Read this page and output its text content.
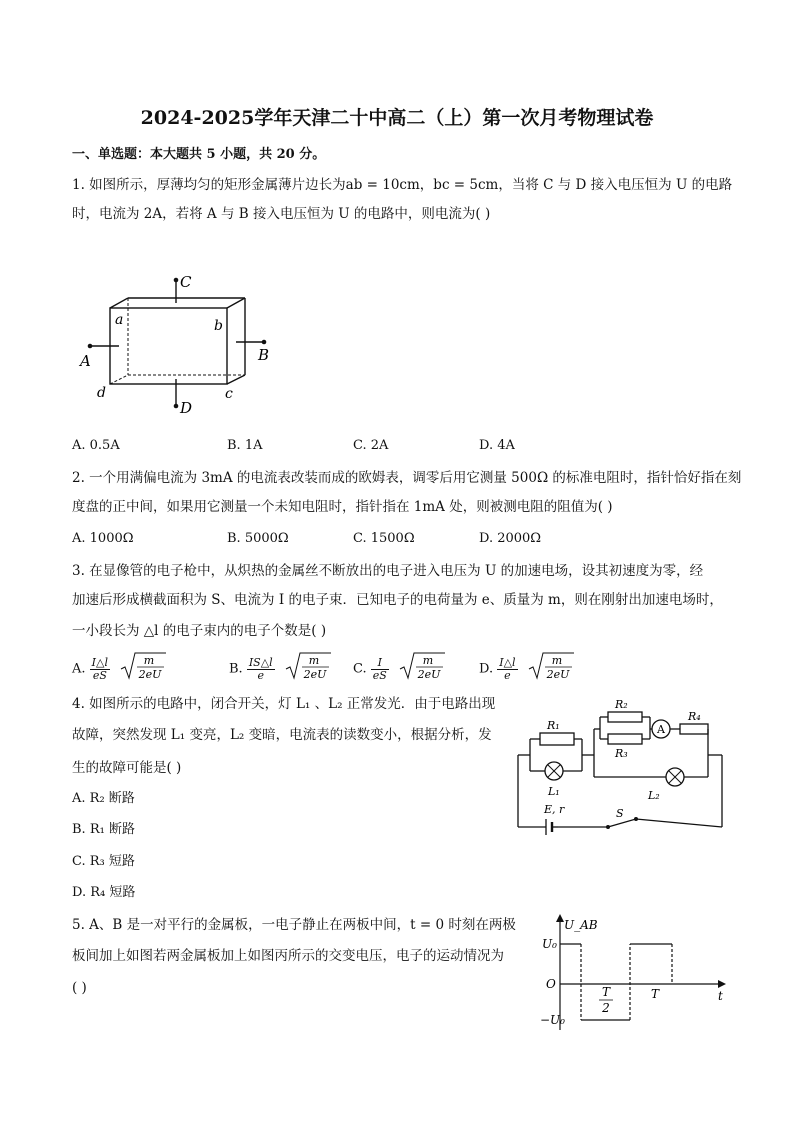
2024-2025学年天津二十中高二（上）第一次月考物理试卷
一、单选题：本大题共 5 小题，共 20 分。
1. 如图所示，厚薄均匀的矩形金属薄片边长为ab = 10cm，bc = 5cm，当将 C 与 D 接入电压恒为 U 的电路
时，电流为 2A，若将 A 与 B 接入电压恒为 U 的电路中，则电流为( )
C
D
A	B
a	b
c
d
A. 0.5A	B. 1A	C. 2A	D. 4A
2. 一个用满偏电流为 3mA 的电流表改装而成的欧姆表，调零后用它测量 500Ω 的标准电阻时，指针恰好指在刻
度盘的正中间，如果用它测量一个未知电阻时，指针指在 1mA 处，则被测电阻的阻值为( )
A. 1000Ω	B. 5000Ω	C. 1500Ω	D. 2000Ω
3. 在显像管的电子枪中，从炽热的金属丝不断放出的电子进入电压为 U 的加速电场，设其初速度为零，经
加速后形成横截面积为 S、电流为 I 的电子束．已知电子的电荷量为 e、质量为 m，则在刚射出加速电场时，
一小段长为 △l 的电子束内的电子个数是( )
A. $\frac{I\triangle l}{eS}$
	m
2eU	B. $\frac{IS\triangle l}{e}$
	m
2eU C. $\frac{I}{eS}$
	m
2eU	D. $\frac{I\triangle l}{e}$
	m
2eU
4. 如图所示的电路中，闭合开关，灯 L₁ 、L₂ 正常发光．由于电路出现
故障，突然发现 L₁ 变亮，L₂ 变暗，电流表的读数变小，根据分析，发
生的故障可能是( )
A. R₂ 断路
B. R₁ 断路
C. R₃ 短路
D. R₄ 短路
R₁
R₂
R₃
R₄
A
L₁	L₂
E, r	S
5. A、B 是一对平行的金属板，一电子静止在两板中间，t = 0 时刻在两极
板间加上如图若两金属板加上如图丙所示的交变电压，电子的运动情况为
( )
U_AB
U₀
−U₀
O
T
2
T	t
